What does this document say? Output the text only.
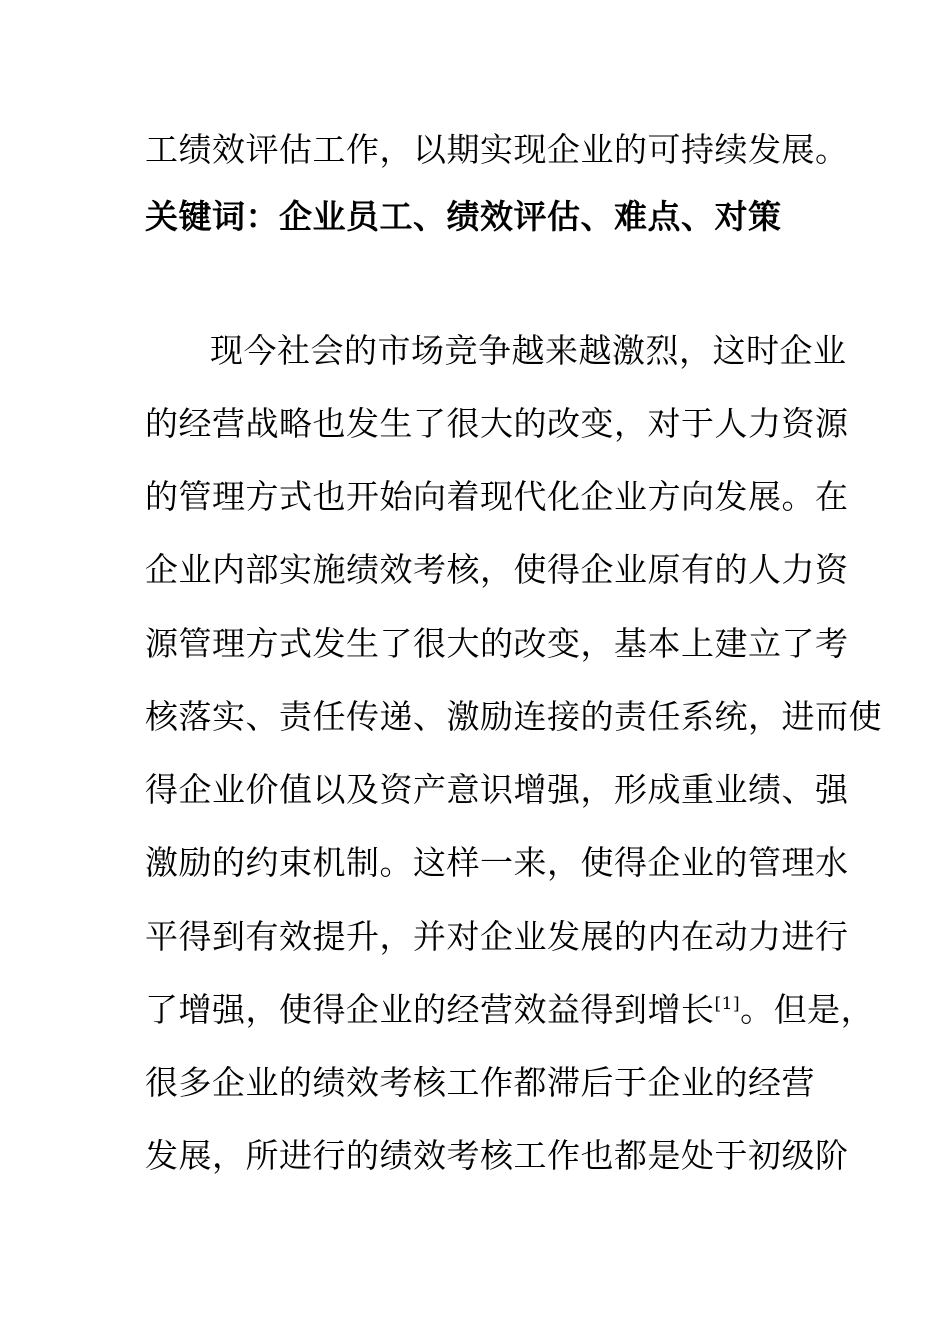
工绩效评估工作，以期实现企业的可持续发展。
关键词：企业员工、绩效评估、难点、对策
现今社会的市场竞争越来越激烈，这时企业
的经营战略也发生了很大的改变，对于人力资源
的管理方式也开始向着现代化企业方向发展。在
企业内部实施绩效考核，使得企业原有的人力资
源管理方式发生了很大的改变，基本上建立了考
核落实、责任传递、激励连接的责任系统，进而使
得企业价值以及资产意识增强，形成重业绩、强
激励的约束机制。这样一来，使得企业的管理水
平得到有效提升，并对企业发展的内在动力进行
了增强，使得企业的经营效益得到增长[1]。但是，
很多企业的绩效考核工作都滞后于企业的经营
发展，所进行的绩效考核工作也都是处于初级阶
